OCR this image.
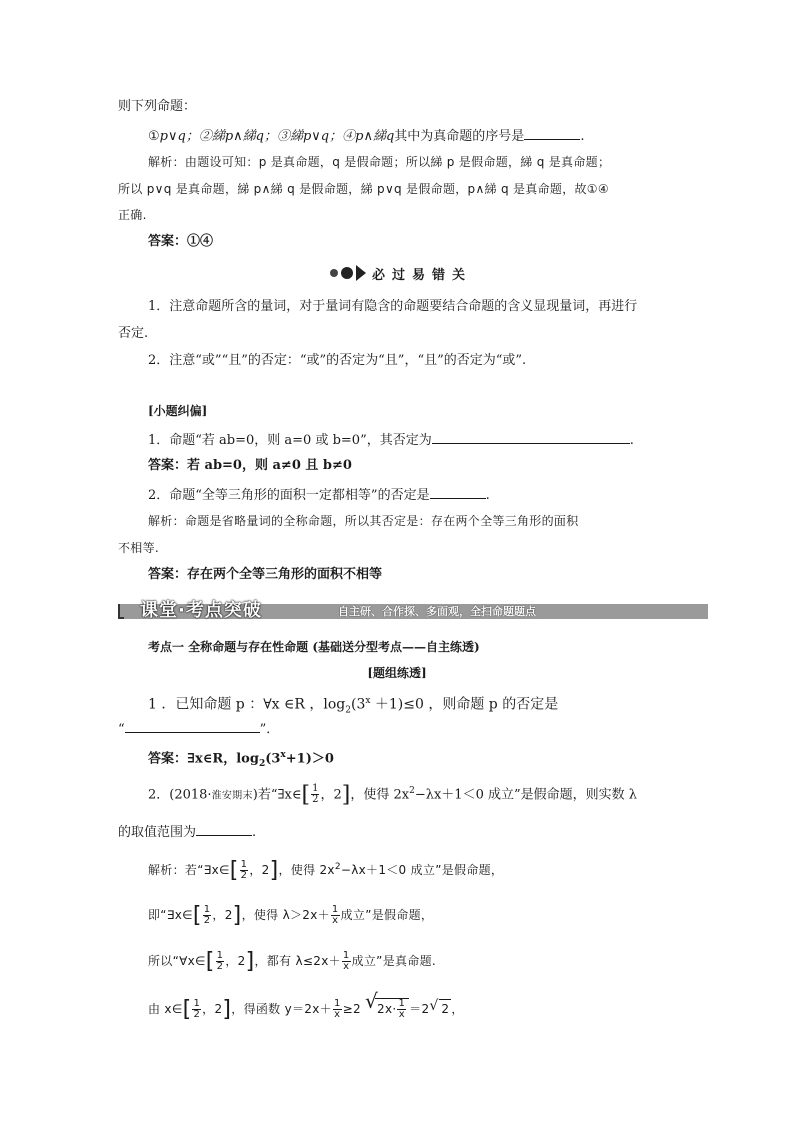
则下列命题：
①p∨q；②綈p∧綈q；③綈p∨q；④p∧綈q其中为真命题的序号是	.
解析：由题设可知：p 是真命题，q 是假命题；所以綈 p 是假命题，綈 q 是真命题；
所以 p∨q 是真命题，綈 p∧綈 q 是假命题，綈 p∨q 是假命题，p∧綈 q 是真命题，故①④
正确.
答案：①④
必过易错关
1．注意命题所含的量词，对于量词有隐含的命题要结合命题的含义显现量词，再进行
否定.
2．注意“或”“且”的否定：“或”的否定为“且”，“且”的否定为“或”.
[小题纠偏]
1．命题“若 ab=0，则 a=0 或 b=0”，其否定为	.
答案：若 ab=0，则 a≠0 且 b≠0
2．命题“全等三角形的面积一定都相等”的否定是	.
解析：命题是省略量词的全称命题，所以其否定是：存在两个全等三角形的面积
不相等.
答案：存在两个全等三角形的面积不相等
课堂·考点突破	自主研、合作探、多面观，全扫命题题点
考点一 全称命题与存在性命题 (基础送分型考点——自主练透)
[题组练透]
1 ．已知命题 p ：∀x ∈R ，$\log_2(3^x +1)\le 0$ ，则命题 p 的否定是
“	”．
答案：∃x∈R，$\log_2(3^x+1)>0$
2．(2018·淮安期末)若“∃x∈[ $\frac{1}{2}$ ，2]，使得 $2x^2-\lambda x+1<0$ 成立”是假命题，则实数 λ
的取值范围为	.
解析：若“∃x∈[ $\frac{1}{2}$ ，2]，使得 $2x^2-\lambda x+1<0$ 成立”是假命题，
即“∃x∈[ $\frac{1}{2}$ ，2]，使得 $\lambda>2x+ \frac{1}{x}$ 成立”是假命题，
所以“∀x∈[ $\frac{1}{2}$ ，2]，都有 $\lambda\le 2x+ \frac{1}{x}$ 成立”是真命题.
由 x∈[ $\frac{1}{2}$ ，2]，得函数 $y=2x+ \frac{1}{x} \ge 2$ √
$2x\cdot \frac{1}{x} =2$ √ 2 ，
